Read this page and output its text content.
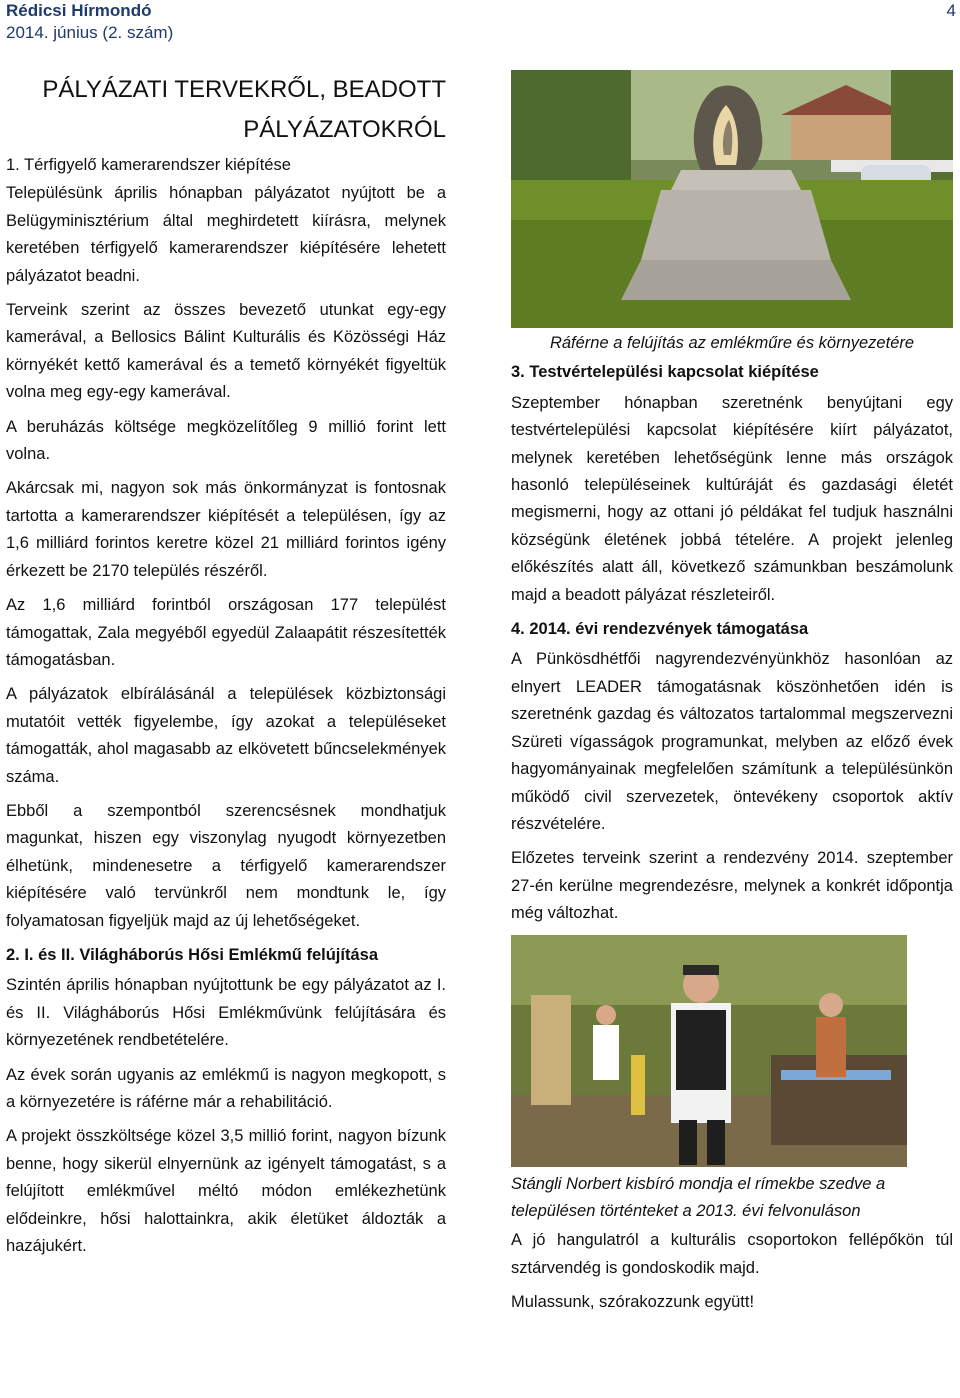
Rédicsi Hírmondó
2014. június (2. szám)
4
PÁLYÁZATI TERVEKRŐL, BEADOTT
PÁLYÁZATOKRÓL
1. Térfigyelő kamerarendszer kiépítése

Településünk április hónapban pályázatot nyújtott be a Belügyminisztérium által meghirdetett kiírásra, melynek keretében térfigyelő kamerarendszer kiépítésére lehetett pályázatot beadni.

Terveink szerint az összes bevezető utunkat egy-egy kamerával, a Bellosics Bálint Kulturális és Közösségi Ház környékét kettő kamerával és a temető környékét figyeltük volna meg egy-egy kamerával.

A beruházás költsége megközelítőleg 9 millió forint lett volna.

Akárcsak mi, nagyon sok más önkormányzat is fontosnak tartotta a kamerarendszer kiépítését a településen, így az 1,6 milliárd forintos keretre közel 21 milliárd forintos igény érkezett be 2170 település részéről.

Az 1,6 milliárd forintból országosan 177 települést támogattak, Zala megyéből egyedül Zalaapátit részesítették támogatásban.

A pályázatok elbírálásánál a települések közbiztonsági mutatóit vették figyelembe, így azokat a településeket támogatták, ahol magasabb az elkövetett bűncselekmények száma.

Ebből a szempontból szerencsésnek mondhatjuk magunkat, hiszen egy viszonylag nyugodt környezetben élhetünk, mindenesetre a térfigyelő kamerarendszer kiépítésére való tervünkről nem mondtunk le, így folyamatosan figyeljük majd az új lehetőségeket.

2. I. és II. Világháborús Hősi Emlékmű felújítása

Szintén április hónapban nyújtottunk be egy pályázatot az I. és II. Világháborús Hősi Emlékművünk felújítására és környezetének rendbetételére.

Az évek során ugyanis az emlékmű is nagyon megkopott, s a környezetére is ráférne már a rehabilitáció.

A projekt összköltsége közel 3,5 millió forint, nagyon bízunk benne, hogy sikerül elnyernünk az igényelt támogatást, s a felújított emlékművel méltó módon emlékezhetünk elődeinkre, hősi halottainkra, akik életüket áldozták a hazájukért.

Ráférne a felújítás az emlékműre és környezetére
3. Testvértelepülési kapcsolat kiépítése

Szeptember hónapban szeretnénk benyújtani egy testvértelepülési kapcsolat kiépítésére kiírt pályázatot, melynek keretében lehetőségünk lenne más országok hasonló településeinek kultúráját és gazdasági életét megismerni, hogy az ottani jó példákat fel tudjuk használni községünk életének jobbá tételére. A projekt jelenleg előkészítés alatt áll, következő számunkban beszámolunk majd a beadott pályázat részleteiről.

4. 2014. évi rendezvények támogatása

A Pünkösdhétfői nagyrendezvényünkhöz hasonlóan az elnyert LEADER támogatásnak köszönhetően idén is szeretnénk gazdag és változatos tartalommal megszervezni Szüreti vígasságok programunkat, melyben az előző évek hagyományainak megfelelően számítunk a településünkön működő civil szervezetek, öntevékeny csoportok aktív részvételére.

Előzetes terveink szerint a rendezvény 2014. szeptember 27-én kerülne megrendezésre, melynek a konkrét időpontja még változhat.

Stángli Norbert kisbíró mondja el rímekbe szedve a településen történteket a 2013. évi felvonuláson

A jó hangulatról a kulturális csoportokon fellépőkön túl sztárvendég is gondoskodik majd.

Mulassunk, szórakozzunk együtt!
